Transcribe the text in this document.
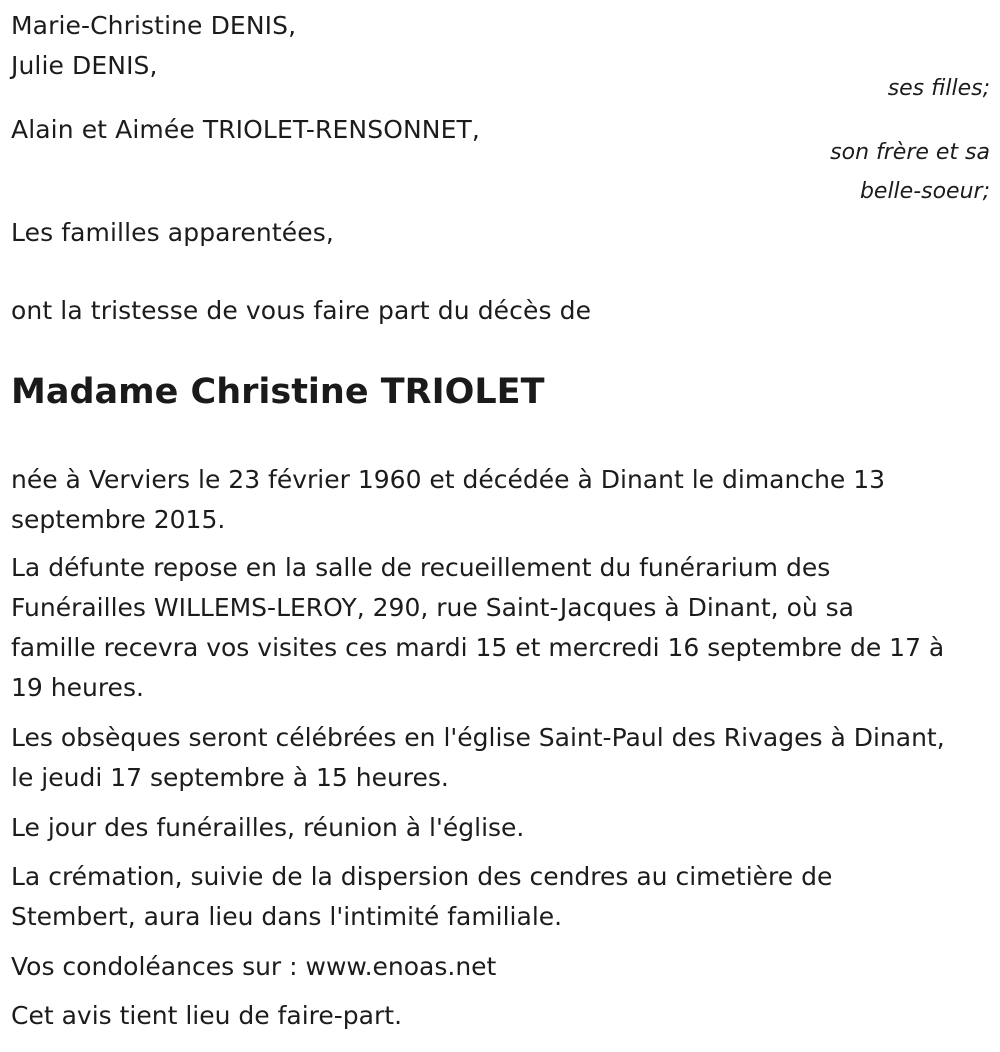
Marie-Christine DENIS,
Julie DENIS,
ses filles;
Alain et Aimée TRIOLET-RENSONNET,
son frère et sa
belle-soeur;
Les familles apparentées,
ont la tristesse de vous faire part du décès de
Madame Christine TRIOLET
née à Verviers le 23 février 1960 et décédée à Dinant le dimanche 13
septembre 2015.
La défunte repose en la salle de recueillement du funérarium des
Funérailles WILLEMS-LEROY, 290, rue Saint-Jacques à Dinant, où sa
famille recevra vos visites ces mardi 15 et mercredi 16 septembre de 17 à
19 heures.
Les obsèques seront célébrées en l'église Saint-Paul des Rivages à Dinant,
le jeudi 17 septembre à 15 heures.
Le jour des funérailles, réunion à l'église.
La crémation, suivie de la dispersion des cendres au cimetière de
Stembert, aura lieu dans l'intimité familiale.
Vos condoléances sur : www.enoas.net
Cet avis tient lieu de faire-part.
